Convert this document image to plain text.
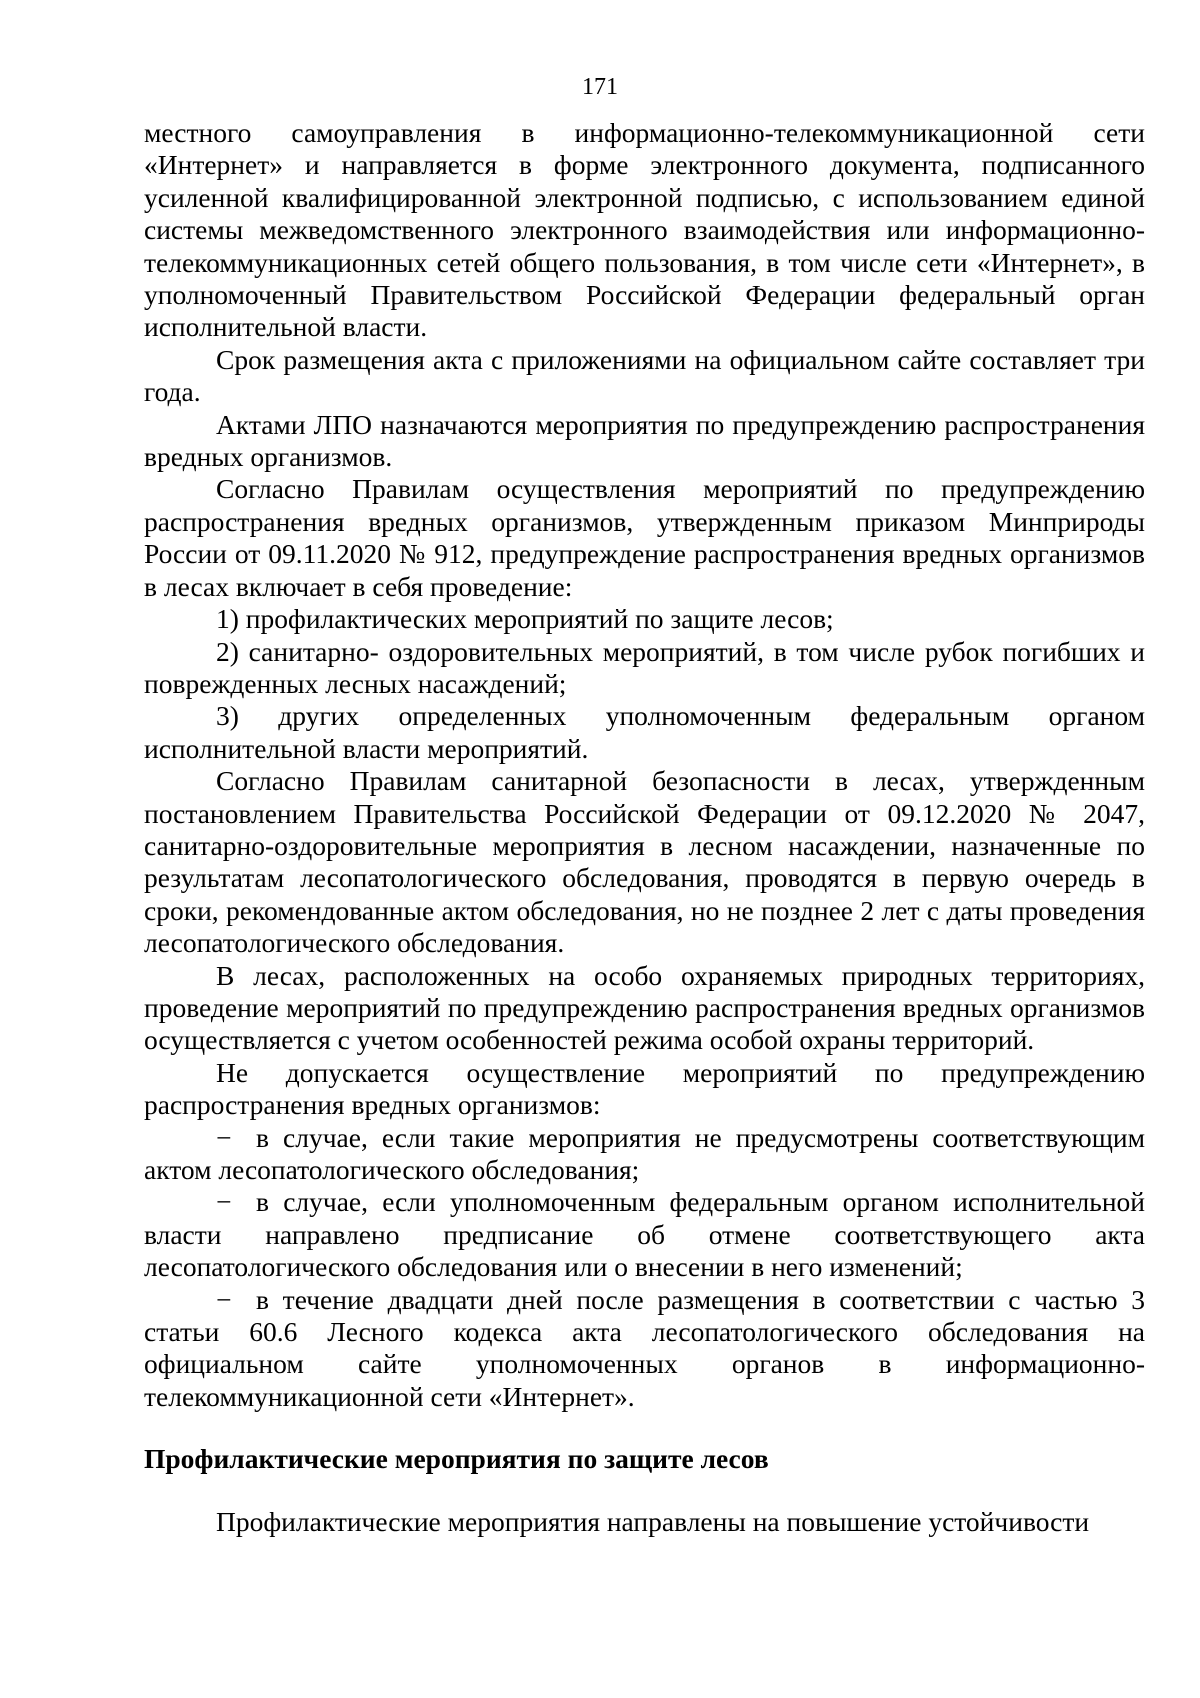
171

местного самоуправления в информационно-телекоммуникационной сети «Интернет» и направляется в форме электронного документа, подписанного усиленной квалифицированной электронной подписью, с использованием единой системы межведомственного электронного взаимодействия или информационно-телекоммуникационных сетей общего пользования, в том числе сети «Интернет», в уполномоченный Правительством Российской Федерации федеральный орган исполнительной власти.

Срок размещения акта с приложениями на официальном сайте составляет три года.

Актами ЛПО назначаются мероприятия по предупреждению распространения вредных организмов.

Согласно Правилам осуществления мероприятий по предупреждению распространения вредных организмов, утвержденным приказом Минприроды России от 09.11.2020 № 912, предупреждение распространения вредных организмов в лесах включает в себя проведение:

1) профилактических мероприятий по защите лесов;

2) санитарно- оздоровительных мероприятий, в том числе рубок погибших и поврежденных лесных насаждений;

3) других определенных уполномоченным федеральным органом исполнительной власти мероприятий.

Согласно Правилам санитарной безопасности в лесах, утвержденным постановлением Правительства Российской Федерации от 09.12.2020 № 2047, санитарно-оздоровительные мероприятия в лесном насаждении, назначенные по результатам лесопатологического обследования, проводятся в первую очередь в сроки, рекомендованные актом обследования, но не позднее 2 лет с даты проведения лесопатологического обследования.

В лесах, расположенных на особо охраняемых природных территориях, проведение мероприятий по предупреждению распространения вредных организмов осуществляется с учетом особенностей режима особой охраны территорий.

Не допускается осуществление мероприятий по предупреждению распространения вредных организмов:

− в случае, если такие мероприятия не предусмотрены соответствующим актом лесопатологического обследования;

− в случае, если уполномоченным федеральным органом исполнительной власти направлено предписание об отмене соответствующего акта лесопатологического обследования или о внесении в него изменений;

− в течение двадцати дней после размещения в соответствии с частью 3 статьи 60.6 Лесного кодекса акта лесопатологического обследования на официальном сайте уполномоченных органов в информационно-телекоммуникационной сети «Интернет».

Профилактические мероприятия по защите лесов

Профилактические мероприятия направлены на повышение устойчивости
